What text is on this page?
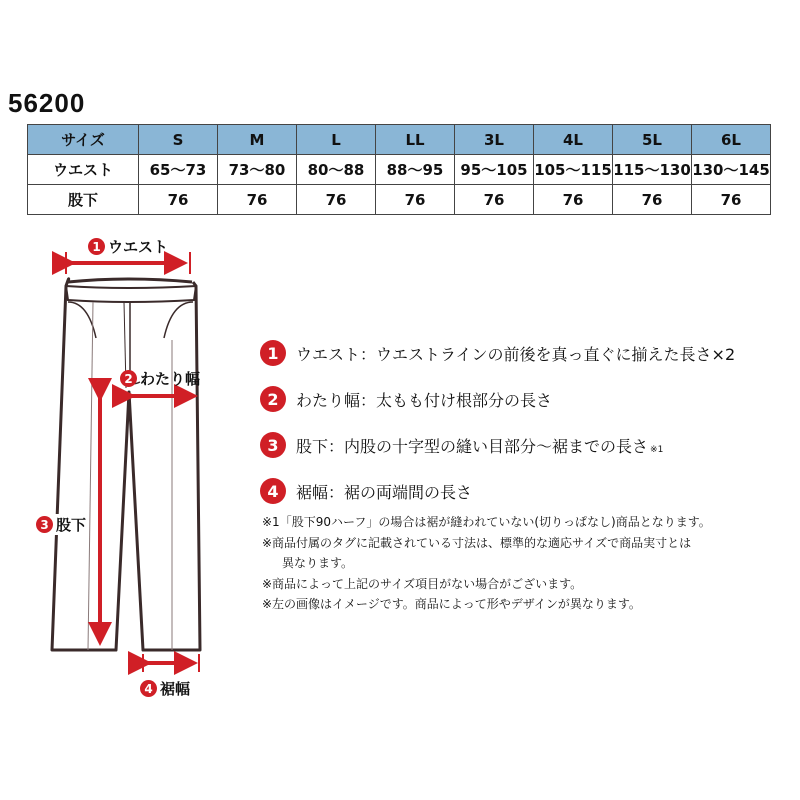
56200
サイズ	S	M	L	LL	3L	4L	5L	6L
ウエスト	65〜73	73〜80	80〜88	88〜95	95〜105	105〜115	115〜130	130〜145
股下	76	76	76	76	76	76	76	76
1 ウエスト
2 わたり幅
3 股下
4 裾幅
1	ウエスト：ウエストラインの前後を真っ直ぐに揃えた長さ×2
2	わたり幅：太もも付け根部分の長さ
3	股下：内股の十字型の縫い目部分〜裾までの長さ ※1
4	裾幅：裾の両端間の長さ
※1「股下90ハーフ」の場合は裾が縫われていない(切りっぱなし)商品となります。
※商品付属のタグに記載されている寸法は、標準的な適応サイズで商品実寸とは
異なります。
※商品によって上記のサイズ項目がない場合がございます。
※左の画像はイメージです。商品によって形やデザインが異なります。
